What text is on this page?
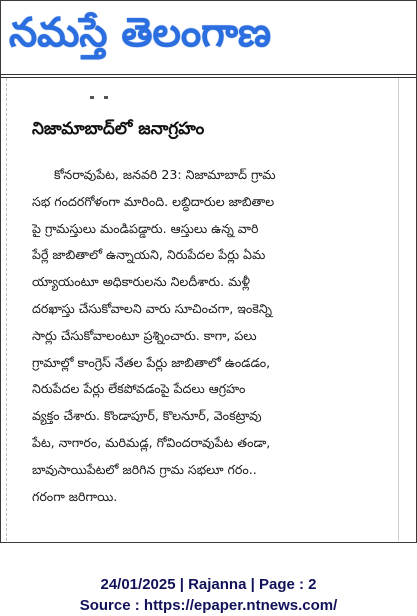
నమస్తే తెలంగాణ
నిజామాబాద్‌లో జనాగ్రహం
కోనరావుపేట, జనవరి 23: నిజామాబాద్ గ్రామ
సభ గందరగోళంగా మారింది. లబ్ధిదారుల జాబితాల
పై గ్రామస్తులు మండిపడ్డారు. ఆస్తులు ఉన్న వారి
పేర్లే జాబితాలో ఉన్నాయని, నిరుపేదల పేర్లు ఏమ
య్యాయంటూ అధికారులను నిలదీశారు. మళ్లీ
దరఖాస్తు చేసుకోవాలని వారు సూచించగా, ఇంకెన్ని
సార్లు చేసుకోవాలంటూ ప్రశ్నించారు. కాగా, పలు
గ్రామాల్లో కాంగ్రెస్ నేతల పేర్లు జాబితాలో ఉండడం,
నిరుపేదల పేర్లు లేకపోవడంపై పేదలు ఆగ్రహం
వ్యక్తం చేశారు. కొండాపూర్, కొలనూర్, వెంకట్రావు
పేట, నాగారం, మరిమడ్ల, గోవిందరావుపేట తండా,
బావుసాయిపేటలో జరిగిన గ్రామ సభలూ గరం..
గరంగా జరిగాయి.
24/01/2025 | Rajanna | Page : 2
Source : https://epaper.ntnews.com/
